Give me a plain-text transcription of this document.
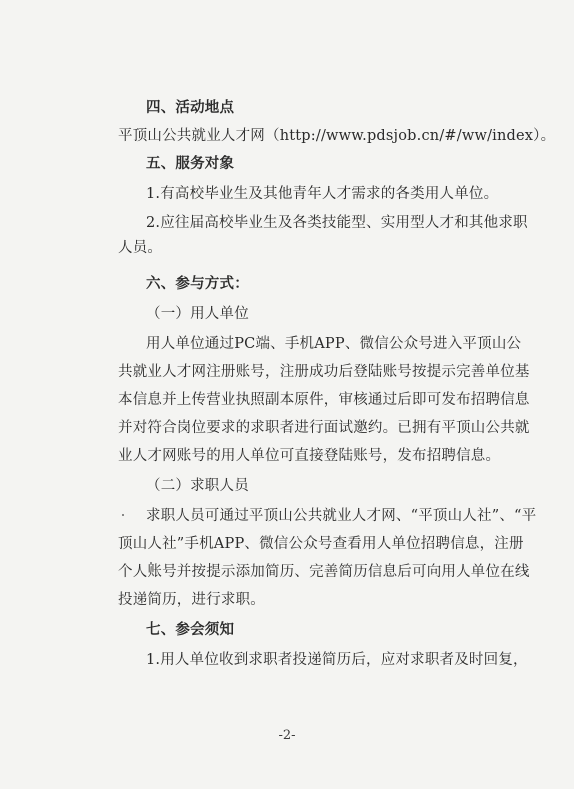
四、活动地点
平顶山公共就业人才网（http://www.pdsjob.cn/#/ww/index）。
五、服务对象
1.有高校毕业生及其他青年人才需求的各类用人单位。
2.应往届高校毕业生及各类技能型、实用型人才和其他求职
人员。
六、参与方式：
（一）用人单位
用人单位通过PC端、手机APP、微信公众号进入平顶山公
共就业人才网注册账号，注册成功后登陆账号按提示完善单位基
本信息并上传营业执照副本原件，审核通过后即可发布招聘信息
并对符合岗位要求的求职者进行面试邀约。已拥有平顶山公共就
业人才网账号的用人单位可直接登陆账号，发布招聘信息。
（二）求职人员
求职人员可通过平顶山公共就业人才网、“平顶山人社”、“平
顶山人社”手机APP、微信公众号查看用人单位招聘信息，注册
个人账号并按提示添加简历、完善简历信息后可向用人单位在线
投递简历，进行求职。
七、参会须知
1.用人单位收到求职者投递简历后，应对求职者及时回复，
-2-
